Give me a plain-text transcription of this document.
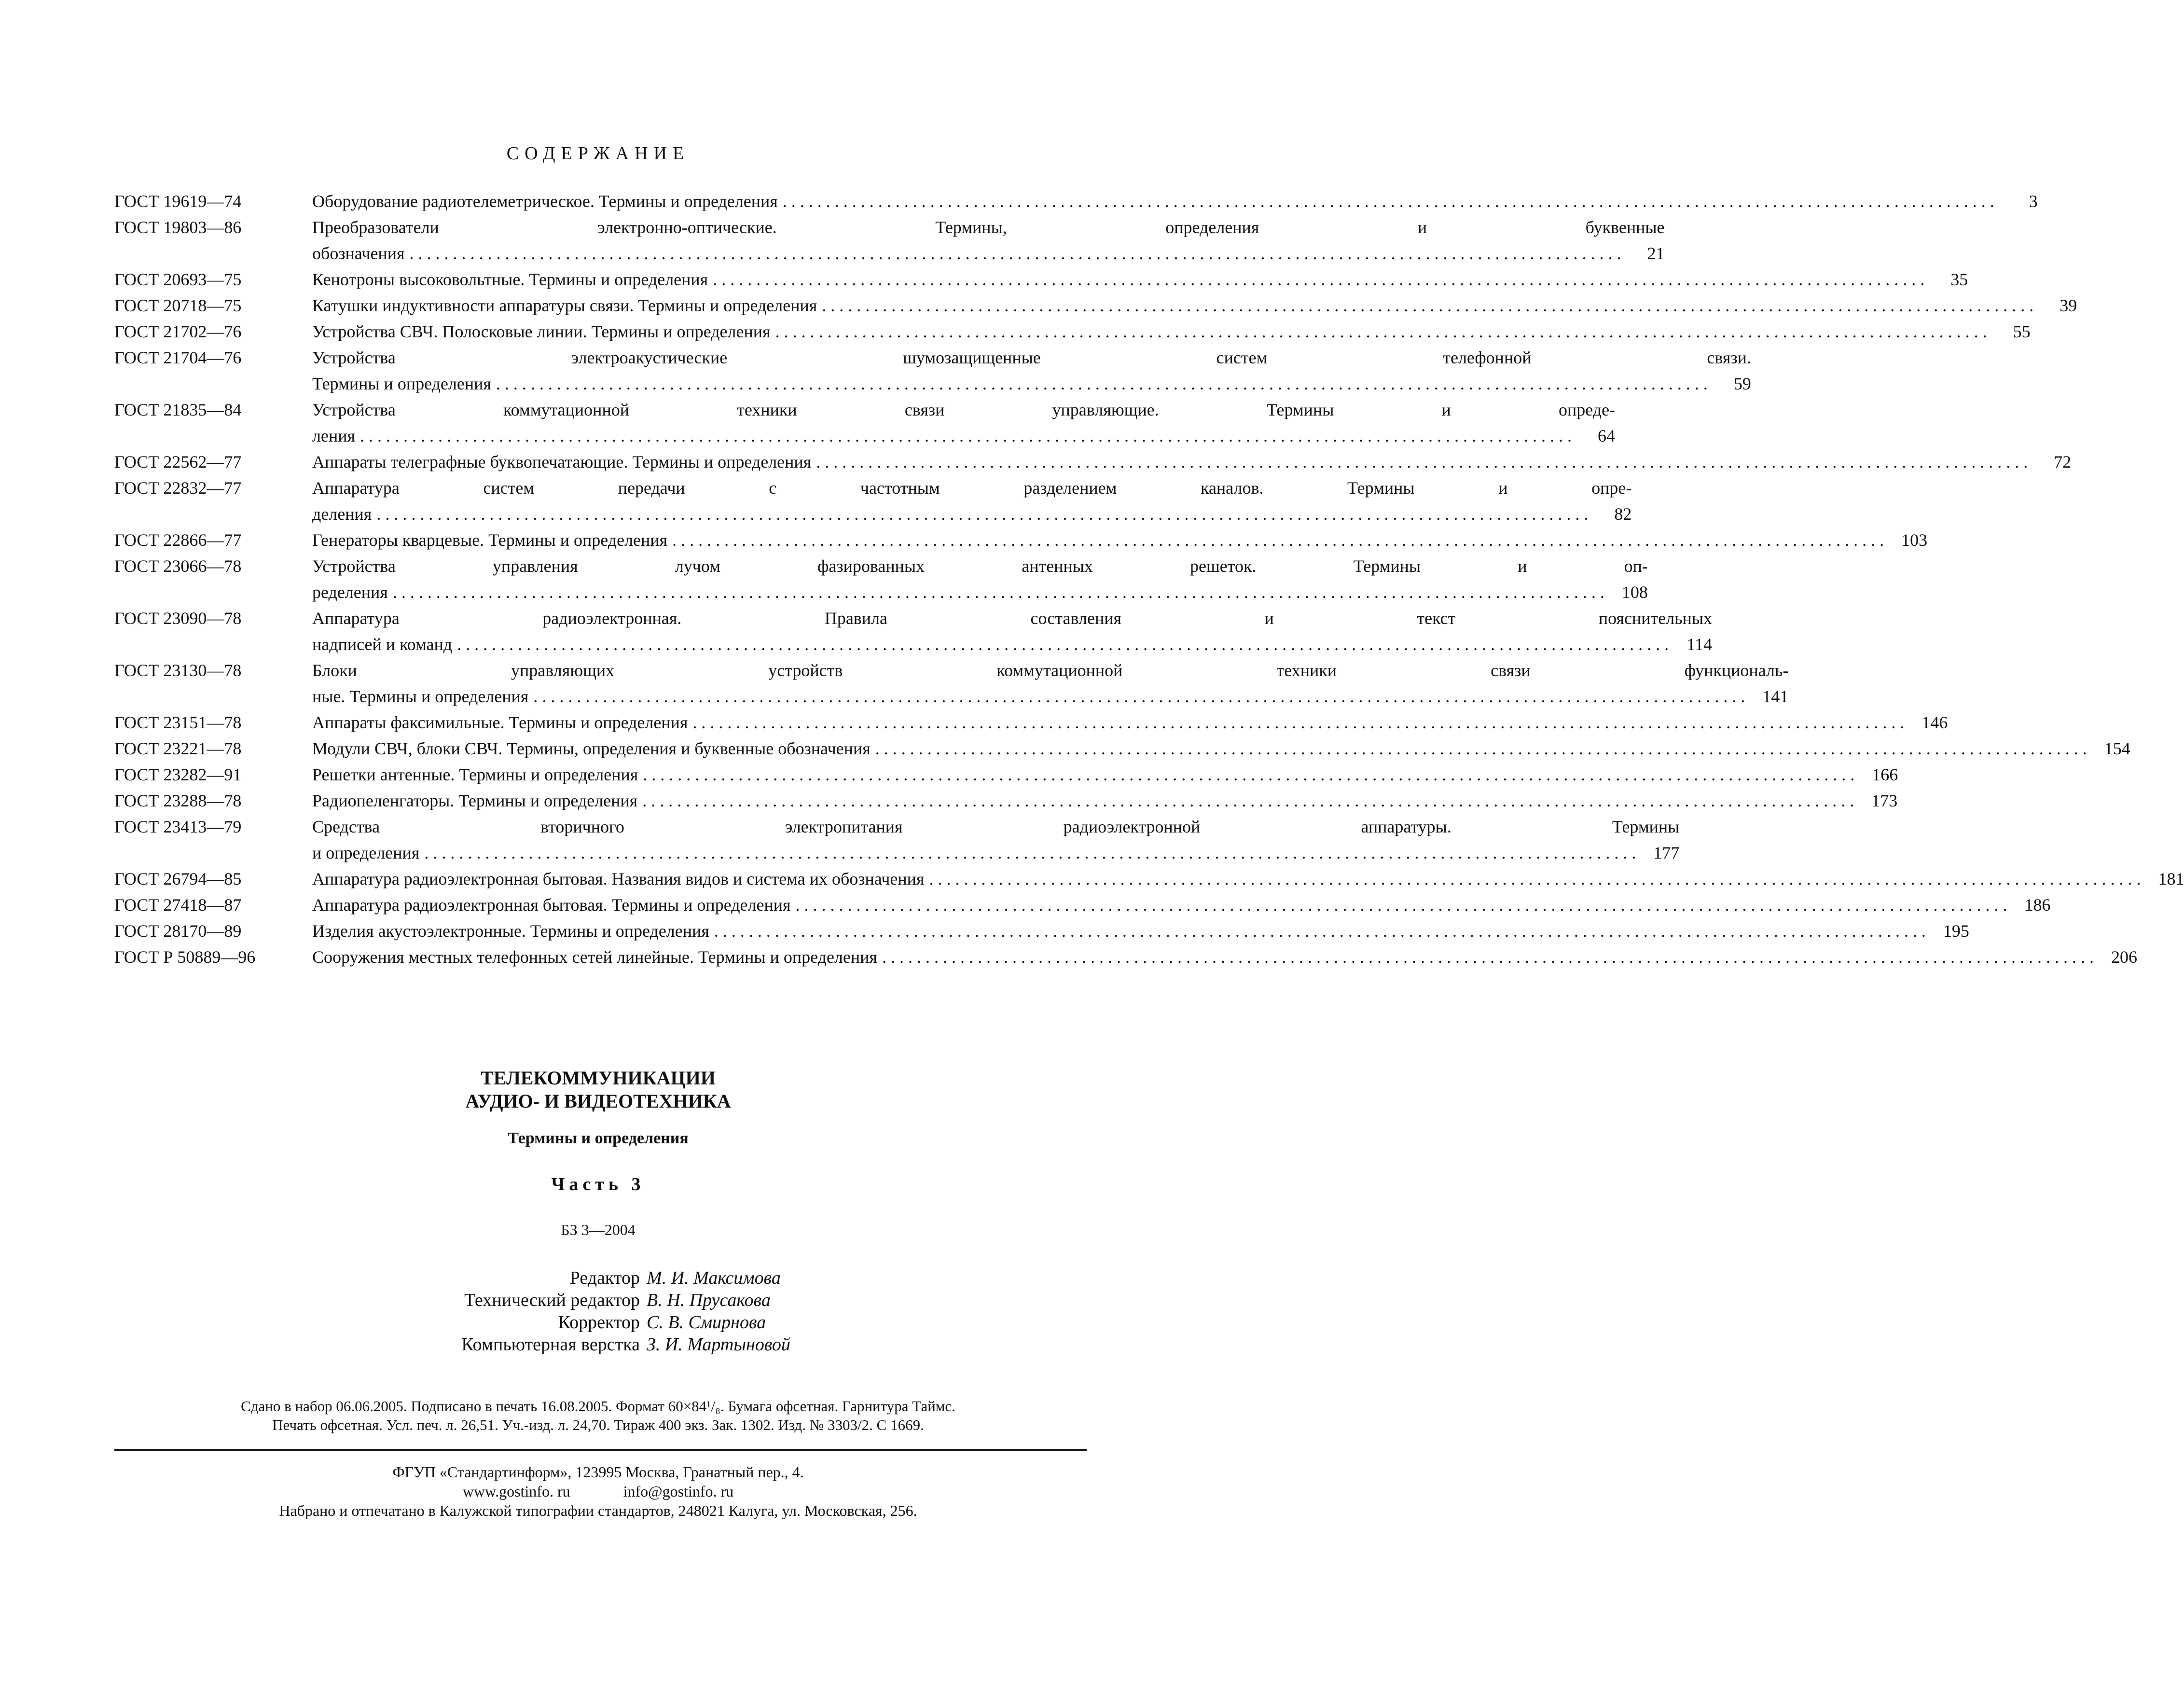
СОДЕРЖАНИЕ
ГОСТ 19619—74	Оборудование радиотелеметрическое. Термины и определения . . .	3
ГОСТ 19803—86	Преобразователи электронно-оптические. Термины, определения и буквенные
обозначения . . .	21
ГОСТ 20693—75	Кенотроны высоковольтные. Термины и определения . . .	35
ГОСТ 20718—75	Катушки индуктивности аппаратуры связи. Термины и определения . . .	39
ГОСТ 21702—76	Устройства СВЧ. Полосковые линии. Термины и определения . . .	55
ГОСТ 21704—76	Устройства электроакустические шумозащищенные систем телефонной связи.
Термины и определения . . .	59
ГОСТ 21835—84	Устройства коммутационной техники связи управляющие. Термины и опреде-
ления . . .	64
ГОСТ 22562—77	Аппараты телеграфные буквопечатающие. Термины и определения . . .	72
ГОСТ 22832—77	Аппаратура систем передачи с частотным разделением каналов. Термины и опре-
деления . . .	82
ГОСТ 22866—77	Генераторы кварцевые. Термины и определения . . .	103
ГОСТ 23066—78	Устройства управления лучом фазированных антенных решеток. Термины и оп-
ределения . . .	108
ГОСТ 23090—78	Аппаратура радиоэлектронная. Правила составления и текст пояснительных
надписей и команд . . .	114
ГОСТ 23130—78	Блоки управляющих устройств коммутационной техники связи функциональ-
ные. Термины и определения . . .	141
ГОСТ 23151—78	Аппараты факсимильные. Термины и определения . . .	146
ГОСТ 23221—78	Модули СВЧ, блоки СВЧ. Термины, определения и буквенные обозначения . . .	154
ГОСТ 23282—91	Решетки антенные. Термины и определения . . .	166
ГОСТ 23288—78	Радиопеленгаторы. Термины и определения . . .	173
ГОСТ 23413—79	Средства вторичного электропитания радиоэлектронной аппаратуры. Термины
и определения . . .	177
ГОСТ 26794—85	Аппаратура радиоэлектронная бытовая. Названия видов и система их обозначения . . .	181
ГОСТ 27418—87	Аппаратура радиоэлектронная бытовая. Термины и определения . . .	186
ГОСТ 28170—89	Изделия акустоэлектронные. Термины и определения . . .	195
ГОСТ Р 50889—96	Сооружения местных телефонных сетей линейные. Термины и определения . . .	206
ТЕЛЕКОММУНИКАЦИИ
АУДИО- И ВИДЕОТЕХНИКА
Термины и определения
Часть 3
БЗ 3—2004
Редактор М. И. Максимова
Технический редактор В. Н. Прусакова
Корректор С. В. Смирнова
Компьютерная верстка З. И. Мартыновой
Сдано в набор 06.06.2005. Подписано в печать 16.08.2005. Формат 60×84¹/₈. Бумага офсетная. Гарнитура Таймс.
Печать офсетная. Усл. печ. л. 26,51. Уч.-изд. л. 24,70. Тираж 400 экз. Зак. 1302. Изд. № 3303/2. С 1669.
ФГУП «Стандартинформ», 123995 Москва, Гранатный пер., 4.
www.gostinfo. ru	info@gostinfo. ru
Набрано и отпечатано в Калужской типографии стандартов, 248021 Калуга, ул. Московская, 256.
